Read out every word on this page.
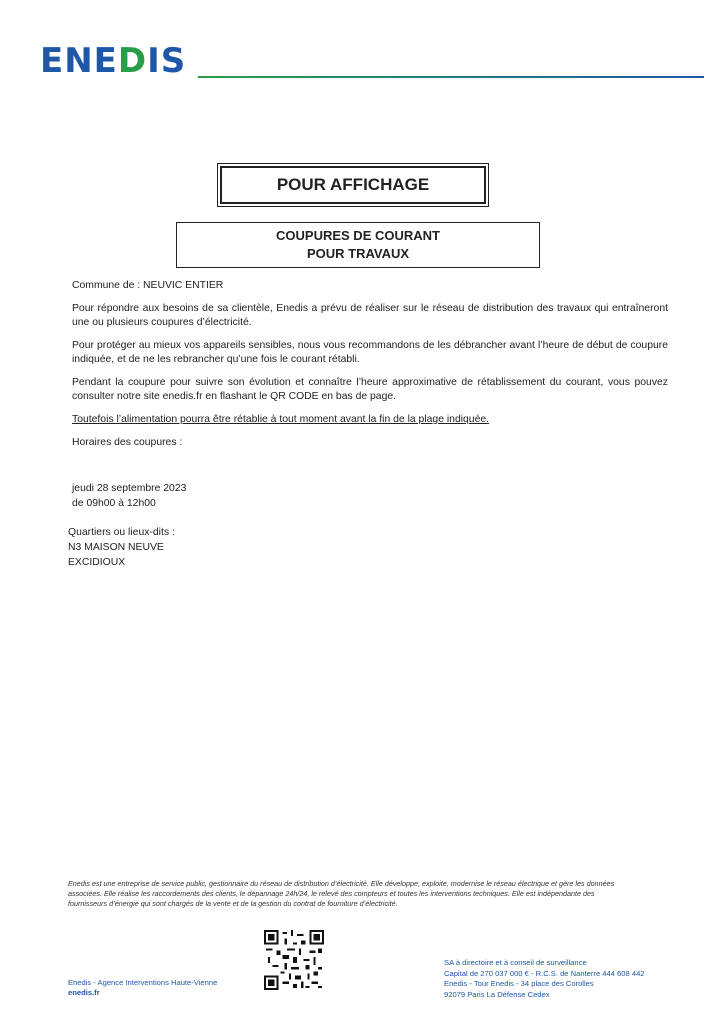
ENEDIS
POUR AFFICHAGE
COUPURES DE COURANT
POUR TRAVAUX

Commune de : NEUVIC ENTIER

Pour répondre aux besoins de sa clientèle, Enedis a prévu de réaliser sur le réseau de distribution des travaux qui entraîneront une ou plusieurs coupures d’électricité.

Pour protéger au mieux vos appareils sensibles, nous vous recommandons de les débrancher avant l’heure de début de coupure indiquée, et de ne les rebrancher qu’une fois le courant rétabli.

Pendant la coupure pour suivre son évolution et connaître l’heure approximative de rétablissement du courant, vous pouvez consulter notre site enedis.fr en flashant le QR CODE en bas de page.

Toutefois l’alimentation pourra être rétablie à tout moment avant la fin de la plage indiquée.

Horaires des coupures :

jeudi 28 septembre 2023
de 09h00 à 12h00
Quartiers ou lieux-dits :
N3 MAISON NEUVE
EXCIDIOUX
Enedis est une entreprise de service public, gestionnaire du réseau de distribution d’électricité. Elle développe, exploite, modernise le réseau électrique et gère les données
associées. Elle réalise les raccordements des clients, le dépannage 24h/24, le relevé des compteurs et toutes les interventions techniques. Elle est indépendante des
fournisseurs d’énergie qui sont chargés de la vente et de la gestion du contrat de fourniture d’électricité.
Enedis - Agence Interventions Haute-Vienne
enedis.fr
SA à directoire et à conseil de surveillance
Capital de 270 037 000 € - R.C.S. de Nanterre 444 608 442
Enedis - Tour Enedis - 34 place des Corolles
92079 Paris La Défense Cedex
